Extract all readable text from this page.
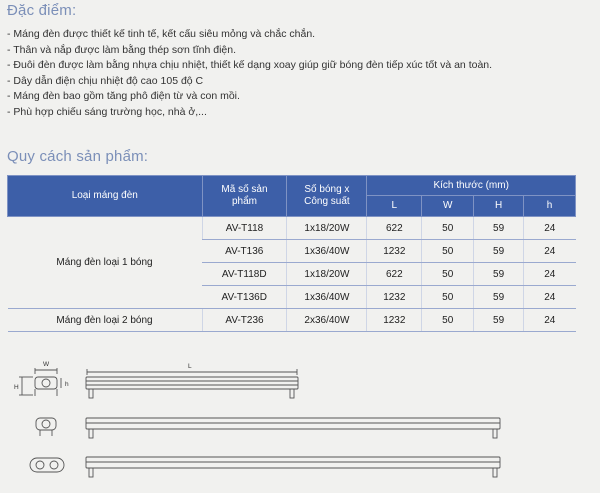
Đặc điểm:
- Máng đèn được thiết kế tinh tế, kết cấu siêu mỏng và chắc chắn.
- Thân và nắp được làm bằng thép sơn tĩnh điện.
- Đuôi đèn được làm bằng nhựa chịu nhiệt, thiết kế dạng xoay giúp giữ bóng đèn tiếp xúc tốt và an toàn.
- Dây dẫn điện chịu nhiệt độ cao 105 độ C
- Máng đèn bao gồm tăng phô điện từ và con mồi.
- Phù hợp chiếu sáng trường học, nhà ở,...
Quy cách sản phẩm:
Loại máng đèn	Mã số sản phẩm	Số bóng x Công suất	Kích thước (mm)			
			L	W	H	h
Máng đèn loại 1 bóng	AV-T118	1x18/20W	622	50	59	24
	AV-T136	1x36/40W	1232	50	59	24
	AV-T118D	1x18/20W	622	50	59	24
	AV-T136D	1x36/40W	1232	50	59	24
Máng đèn loại 2 bóng	AV-T236	2x36/40W	1232	50	59	24
W
H	h
L
